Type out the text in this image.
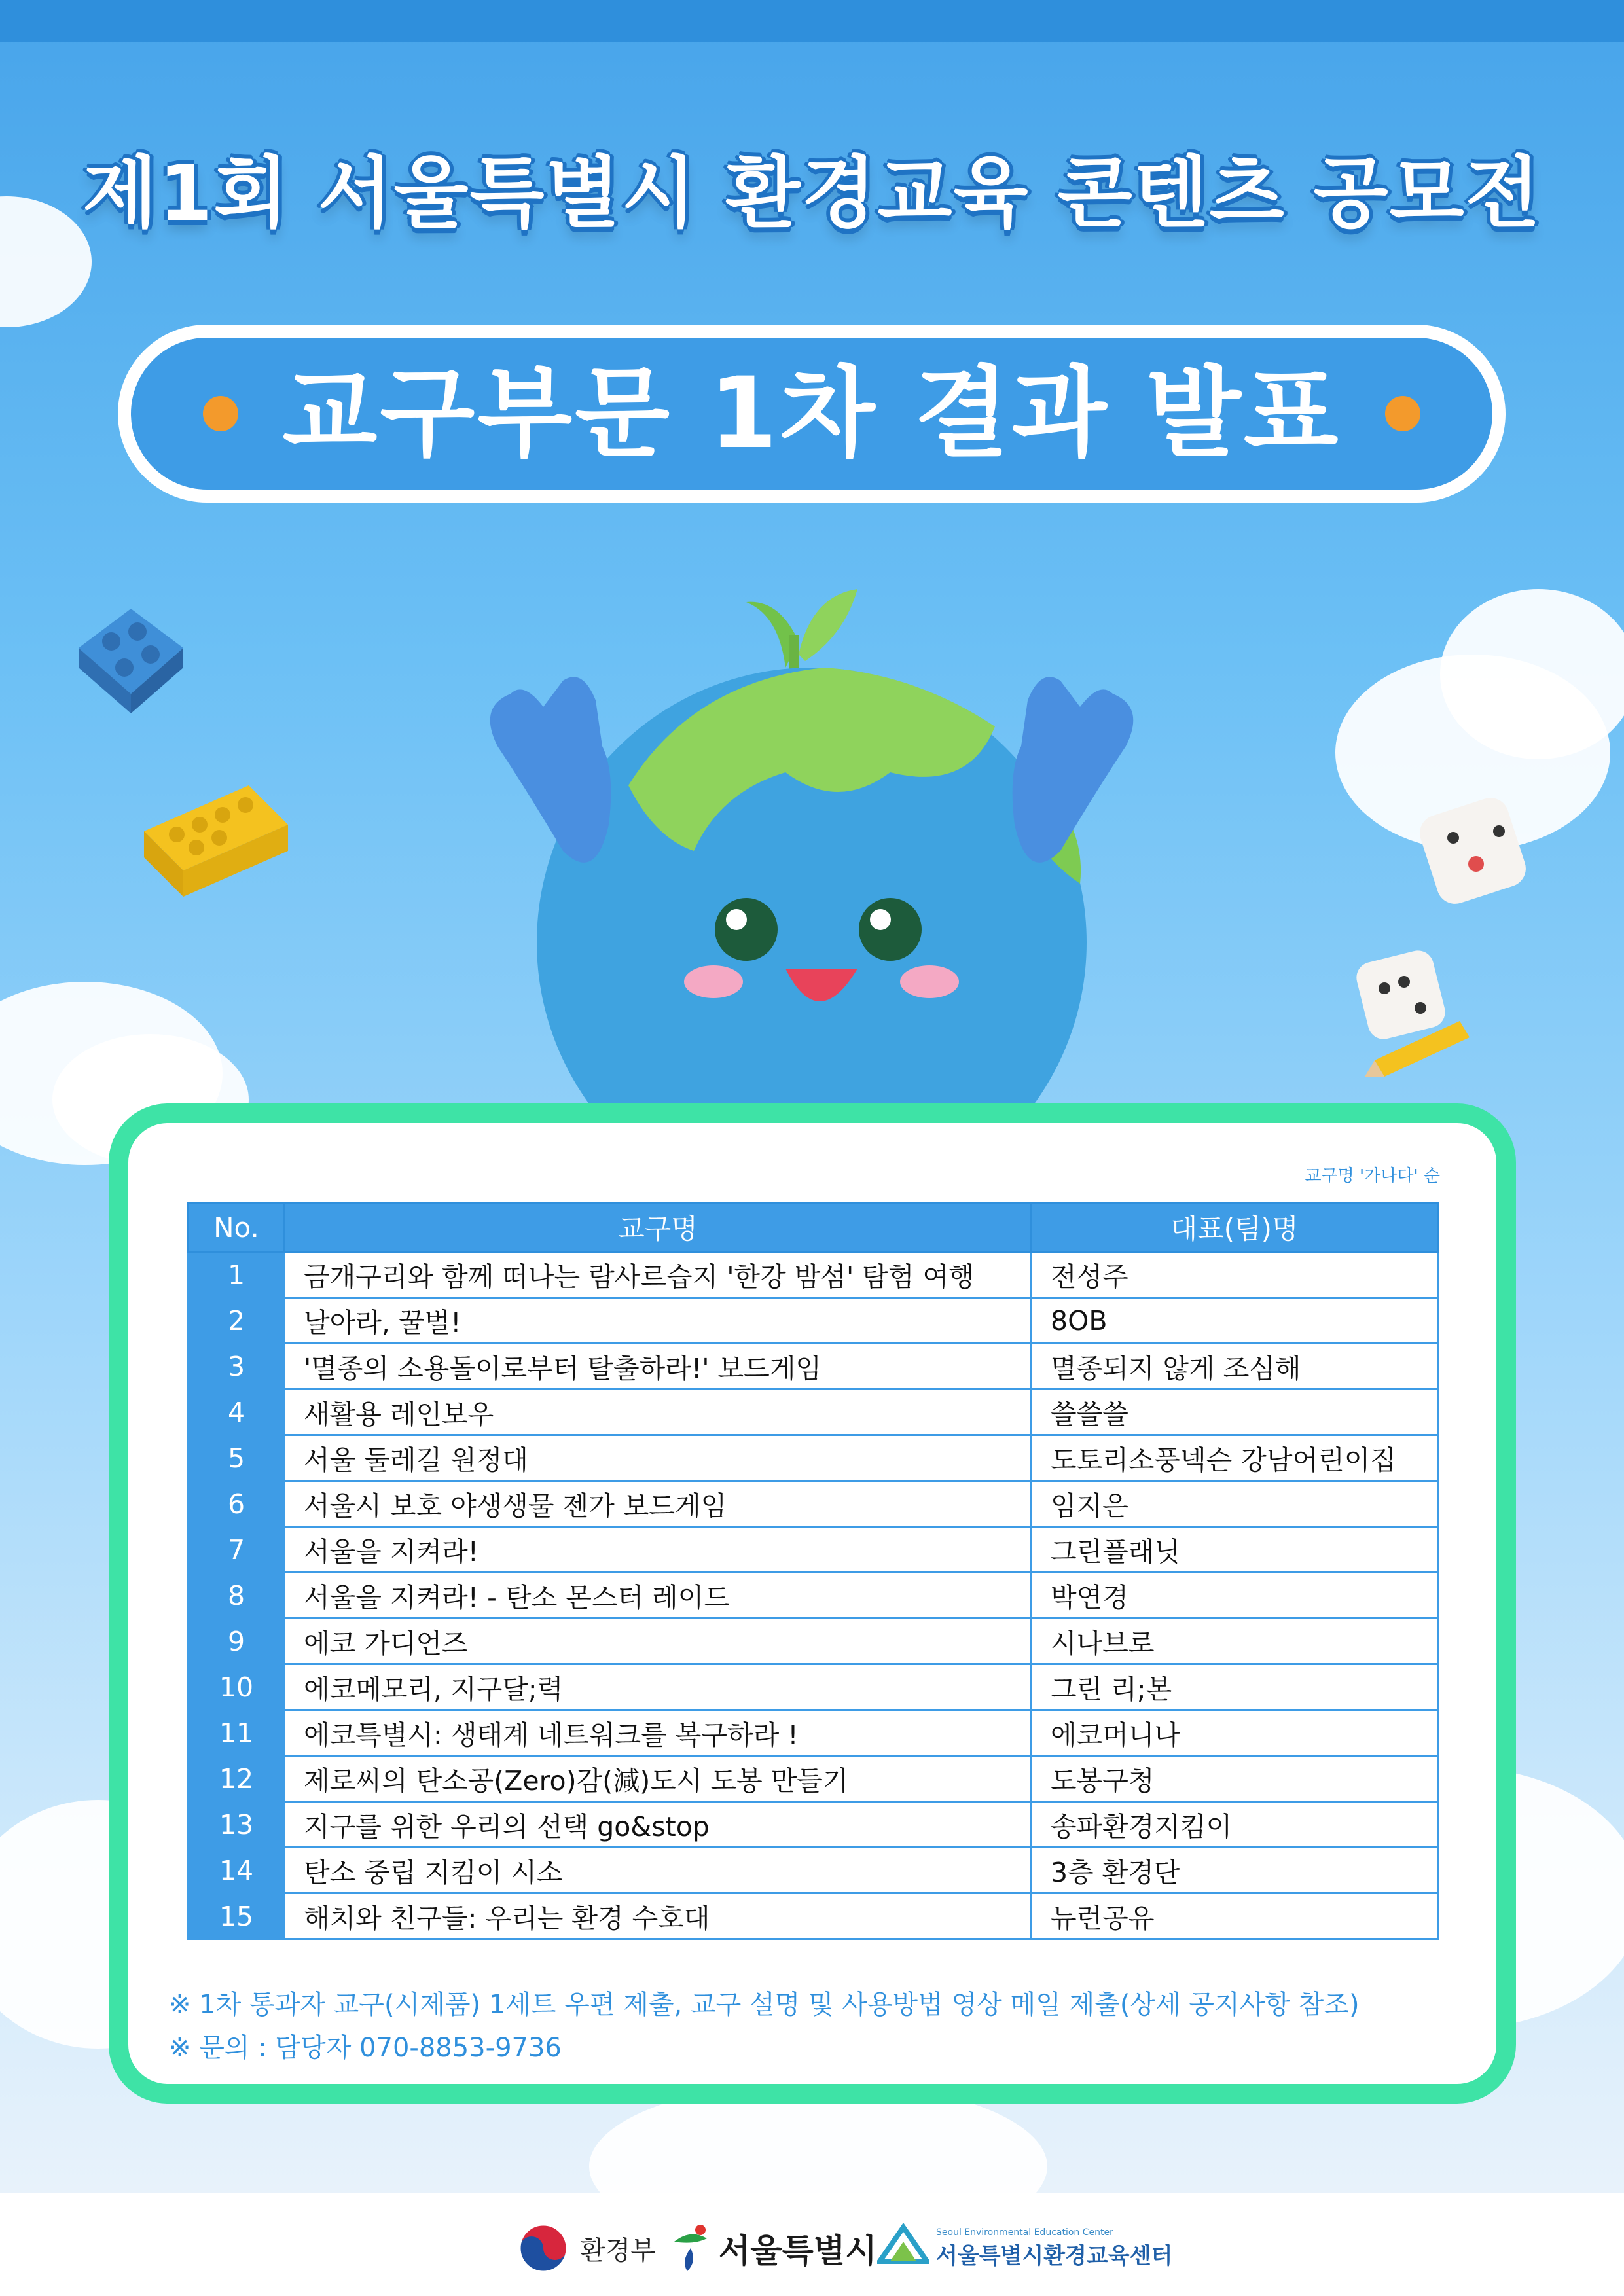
제1회 서울특별시 환경교육 콘텐츠 공모전
교구부문 1차 결과 발표
교구명 '가나다' 순
No.	교구명	대표(팀)명
1	금개구리와 함께 떠나는 람사르습지 '한강 밤섬' 탐험 여행	전성주
2	날아라, 꿀벌!	8OB
3	'멸종의 소용돌이로부터 탈출하라!' 보드게임	멸종되지 않게 조심해
4	새활용 레인보우	쓸쓸쓸
5	서울 둘레길 원정대	도토리소풍넥슨 강남어린이집
6	서울시 보호 야생생물 젠가 보드게임	임지은
7	서울을 지켜라!	그린플래닛
8	서울을 지켜라! - 탄소 몬스터 레이드	박연경
9	에코 가디언즈	시나브로
10	에코메모리, 지구달;력	그린 리;본
11	에코특별시: 생태계 네트워크를 복구하라 !	에코머니나
12	제로씨의 탄소공(Zero)감(減)도시 도봉 만들기	도봉구청
13	지구를 위한 우리의 선택 go&stop	송파환경지킴이
14	탄소 중립 지킴이 시소	3층 환경단
15	해치와 친구들: 우리는 환경 수호대	뉴런공유
※ 1차 통과자 교구(시제품) 1세트 우편 제출, 교구 설명 및 사용방법 영상 메일 제출(상세 공지사항 참조)
※ 문의 : 담당자 070-8853-9736
환경부 서울특별시	Seoul Environmental Education Center
서울특별시환경교육센터
